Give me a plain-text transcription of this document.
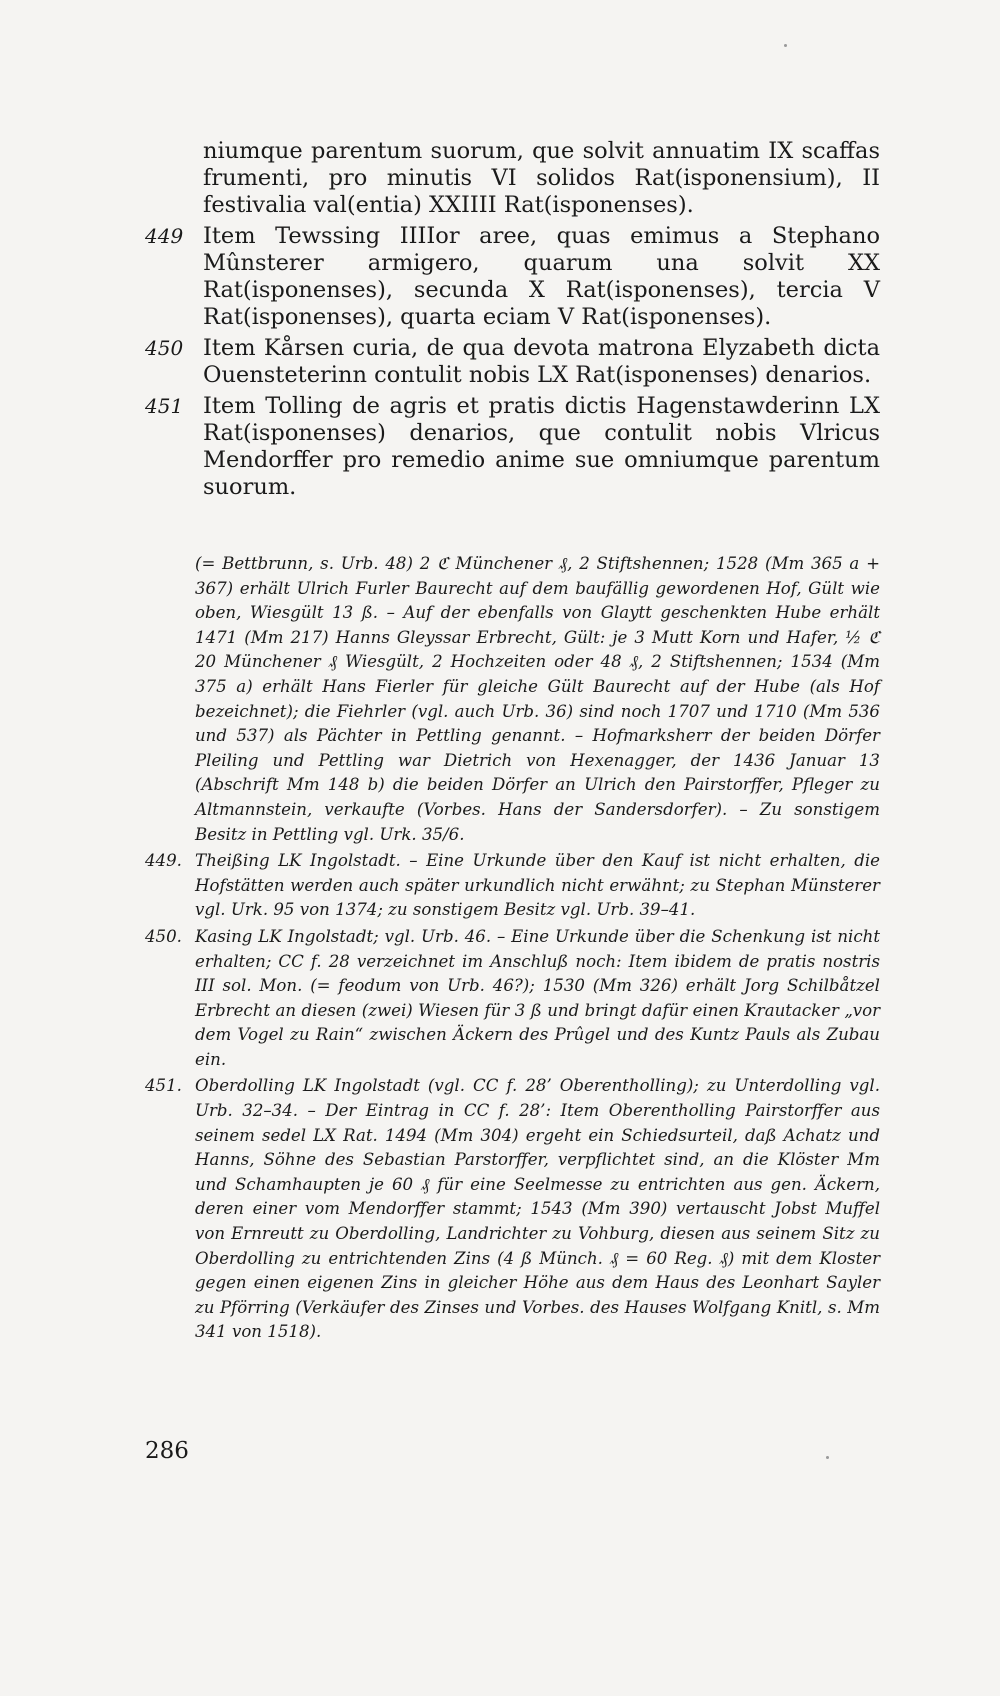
niumque parentum suorum, que solvit annuatim IX scaffas frumenti, pro minutis VI solidos Rat(isponensium), II festivalia val(entia) XXIIII Rat(isponenses).

449 Item Tewssing IIIIor aree, quas emimus a Stephano Mûnsterer armigero, quarum una solvit XX Rat(isponenses), secunda X Rat(isponenses), tercia V Rat(isponenses), quarta eciam V Rat(isponenses).

450 Item Kårsen curia, de qua devota matrona Elyzabeth dicta Ouensteterinn contulit nobis LX Rat(isponenses) denarios.

451 Item Tolling de agris et pratis dictis Hagenstawderinn LX Rat(isponenses) denarios, que contulit nobis Vlricus Mendorffer pro remedio anime sue omniumque parentum suorum.

(= Bettbrunn, s. Urb. 48) 2 ℭ Münchener ₰, 2 Stiftshennen; 1528 (Mm 365 a + 367) erhält Ulrich Furler Baurecht auf dem baufällig gewordenen Hof, Gült wie oben, Wiesgült 13 ß. – Auf der ebenfalls von Glaytt geschenkten Hube erhält 1471 (Mm 217) Hanns Gleyssar Erbrecht, Gült: je 3 Mutt Korn und Hafer, ½ ℭ 20 Münchener ₰ Wiesgült, 2 Hochzeiten oder 48 ₰, 2 Stiftshennen; 1534 (Mm 375 a) erhält Hans Fierler für gleiche Gült Baurecht auf der Hube (als Hof bezeichnet); die Fiehrler (vgl. auch Urb. 36) sind noch 1707 und 1710 (Mm 536 und 537) als Pächter in Pettling genannt. – Hofmarksherr der beiden Dörfer Pleiling und Pettling war Dietrich von Hexenagger, der 1436 Januar 13 (Abschrift Mm 148 b) die beiden Dörfer an Ulrich den Pairstorffer, Pfleger zu Altmannstein, verkaufte (Vorbes. Hans der Sandersdorfer). – Zu sonstigem Besitz in Pettling vgl. Urk. 35/6.

449. Theißing LK Ingolstadt. – Eine Urkunde über den Kauf ist nicht erhalten, die Hofstätten werden auch später urkundlich nicht erwähnt; zu Stephan Münsterer vgl. Urk. 95 von 1374; zu sonstigem Besitz vgl. Urb. 39–41.

450. Kasing LK Ingolstadt; vgl. Urb. 46. – Eine Urkunde über die Schenkung ist nicht erhalten; CC f. 28 verzeichnet im Anschluß noch: Item ibidem de pratis nostris III sol. Mon. (= feodum von Urb. 46?); 1530 (Mm 326) erhält Jorg Schilbåtzel Erbrecht an diesen (zwei) Wiesen für 3 ß und bringt dafür einen Krautacker „vor dem Vogel zu Rain“ zwischen Äckern des Prûgel und des Kuntz Pauls als Zubau ein.

451. Oberdolling LK Ingolstadt (vgl. CC f. 28’ Oberentholling); zu Unterdolling vgl. Urb. 32–34. – Der Eintrag in CC f. 28’: Item Oberentholling Pairstorffer aus seinem sedel LX Rat. 1494 (Mm 304) ergeht ein Schiedsurteil, daß Achatz und Hanns, Söhne des Sebastian Parstorffer, verpflichtet sind, an die Klöster Mm und Schamhaupten je 60 ₰ für eine Seelmesse zu entrichten aus gen. Äckern, deren einer vom Mendorffer stammt; 1543 (Mm 390) vertauscht Jobst Muffel von Ernreutt zu Oberdolling, Landrichter zu Vohburg, diesen aus seinem Sitz zu Oberdolling zu entrichtenden Zins (4 ß Münch. ₰ = 60 Reg. ₰) mit dem Kloster gegen einen eigenen Zins in gleicher Höhe aus dem Haus des Leonhart Sayler zu Pförring (Verkäufer des Zinses und Vorbes. des Hauses Wolfgang Knitl, s. Mm 341 von 1518).

286
